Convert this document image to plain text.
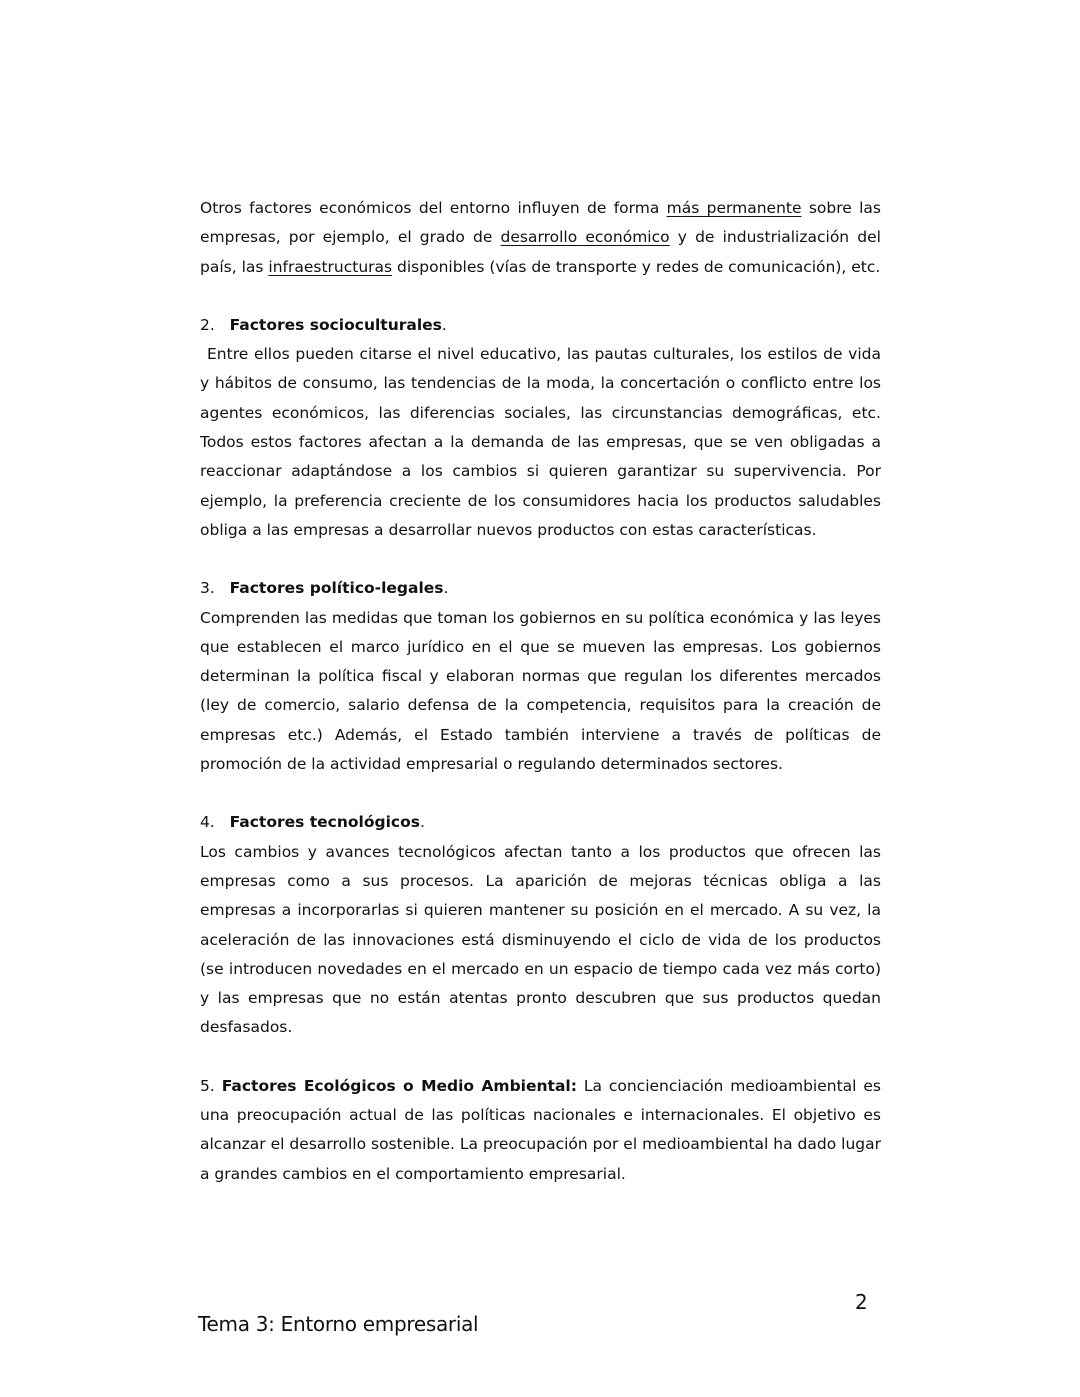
Otros factores económicos del entorno influyen de forma más permanente sobre las empresas, por ejemplo, el grado de desarrollo económico y de industrialización del país, las infraestructuras disponibles (vías de transporte y redes de comunicación), etc.

2. Factores socioculturales.

Entre ellos pueden citarse el nivel educativo, las pautas culturales, los estilos de vida y hábitos de consumo, las tendencias de la moda, la concertación o conflicto entre los agentes económicos, las diferencias sociales, las circunstancias demográficas, etc. Todos estos factores afectan a la demanda de las empresas, que se ven obligadas a reaccionar adaptándose a los cambios si quieren garantizar su supervivencia. Por ejemplo, la preferencia creciente de los consumidores hacia los productos saludables obliga a las empresas a desarrollar nuevos productos con estas características.

3. Factores político-legales.

Comprenden las medidas que toman los gobiernos en su política económica y las leyes que establecen el marco jurídico en el que se mueven las empresas. Los gobiernos determinan la política fiscal y elaboran normas que regulan los diferentes mercados (ley de comercio, salario defensa de la competencia, requisitos para la creación de empresas etc.) Además, el Estado también interviene a través de políticas de promoción de la actividad empresarial o regulando determinados sectores.

4. Factores tecnológicos.

Los cambios y avances tecnológicos afectan tanto a los productos que ofrecen las empresas como a sus procesos. La aparición de mejoras técnicas obliga a las empresas a incorporarlas si quieren mantener su posición en el mercado. A su vez, la aceleración de las innovaciones está disminuyendo el ciclo de vida de los productos (se introducen novedades en el mercado en un espacio de tiempo cada vez más corto) y las empresas que no están atentas pronto descubren que sus productos quedan desfasados.

5. Factores Ecológicos o Medio Ambiental: La concienciación medioambiental es una preocupación actual de las políticas nacionales e internacionales. El objetivo es alcanzar el desarrollo sostenible. La preocupación por el medioambiental ha dado lugar a grandes cambios en el comportamiento empresarial.

2
Tema 3: Entorno empresarial
